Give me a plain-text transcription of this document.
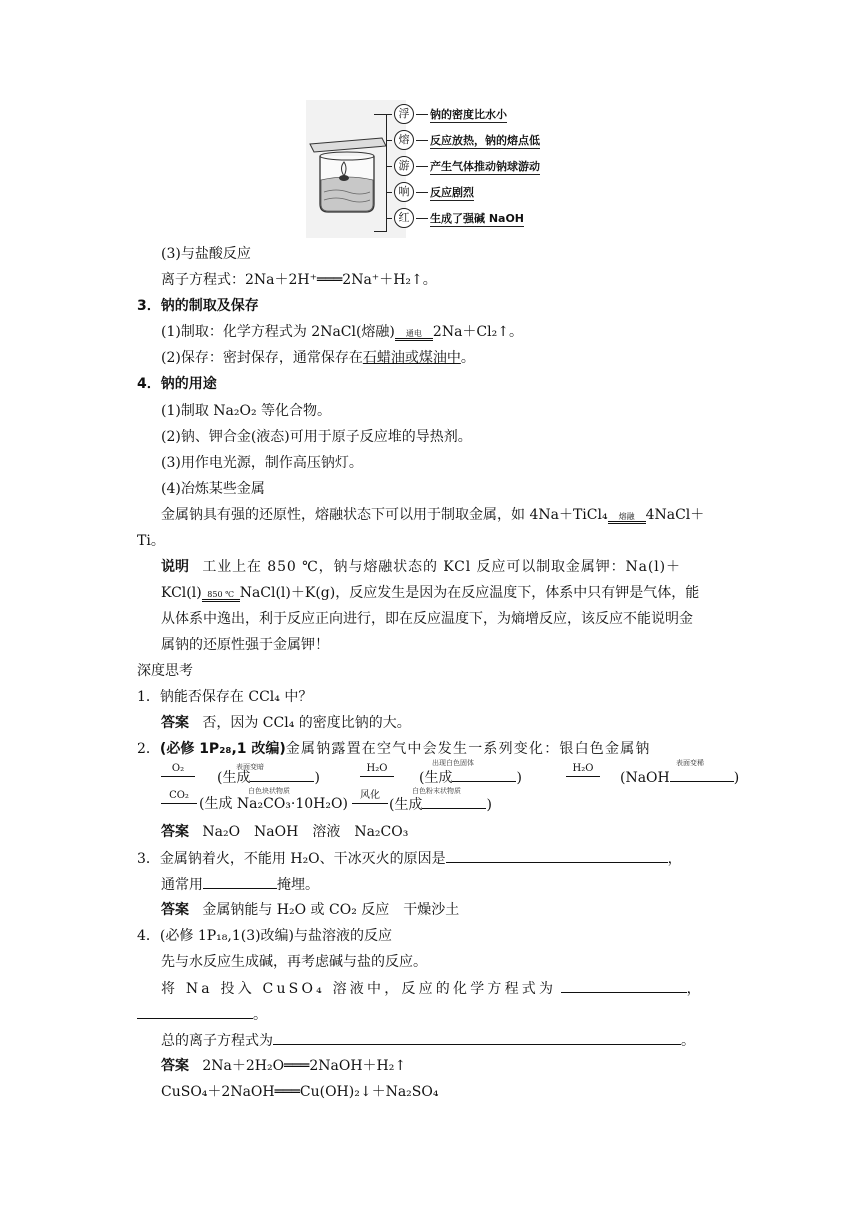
浮	钠的密度比水小
熔	反应放热，钠的熔点低
游	产生气体推动钠球游动
响	反应剧烈
红	生成了强碱 NaOH
(3)与盐酸反应
离子方程式：2Na＋2H⁺═══2Na⁺＋H₂↑。
3．钠的制取及保存
(1)制取：化学方程式为 2NaCl(熔融)	通电 2Na＋Cl₂↑。
(2)保存：密封保存，通常保存在石蜡油或煤油中。
4．钠的用途
(1)制取 Na₂O₂ 等化合物。
(2)钠、钾合金(液态)可用于原子反应堆的导热剂。
(3)用作电光源，制作高压钠灯。
(4)冶炼某些金属
金属钠具有强的还原性，熔融状态下可以用于制取金属，如 4Na＋TiCl₄	熔融 4NaCl＋
Ti。
说明 工业上在 850 ℃，钠与熔融状态的 KCl 反应可以制取金属钾：Na(l)＋
KCl(l) 850 ℃ NaCl(l)＋K(g)，反应发生是因为在反应温度下，体系中只有钾是气体，能
从体系中逸出，利于反应正向进行，即在反应温度下，为熵增反应，该反应不能说明金
属钠的还原性强于金属钾！
深度思考
1．钠能否保存在 CCl₄ 中？
答案 否，因为 CCl₄ 的密度比钠的大。
2．(必修 1P₂₈,1 改编)金属钠露置在空气中会发生一系列变化：银白色金属钠
O₂	表面变暗
(生成	)
H₂O	出现白色固体
(生成	)
H₂O	表面变稀
(NaOH	)
CO₂	白色块状物质
(生成 Na₂CO₃·10H₂O)
风化	白色粉末状物质
(生成	)
答案 Na₂O　NaOH　溶液　Na₂CO₃
3．金属钠着火，不能用 H₂O、干冰灭火的原因是	，
通常用	掩埋。
答案 金属钠能与 H₂O 或 CO₂ 反应　干燥沙土
4．(必修 1P₁₈,1(3)改编)与盐溶液的反应
先与水反应生成碱，再考虑碱与盐的反应。
将 Na 投入 CuSO₄ 溶液中，反应的化学方程式为	，
。
总的离子方程式为	。
答案 2Na＋2H₂O═══2NaOH＋H₂↑
CuSO₄＋2NaOH═══Cu(OH)₂↓＋Na₂SO₄
